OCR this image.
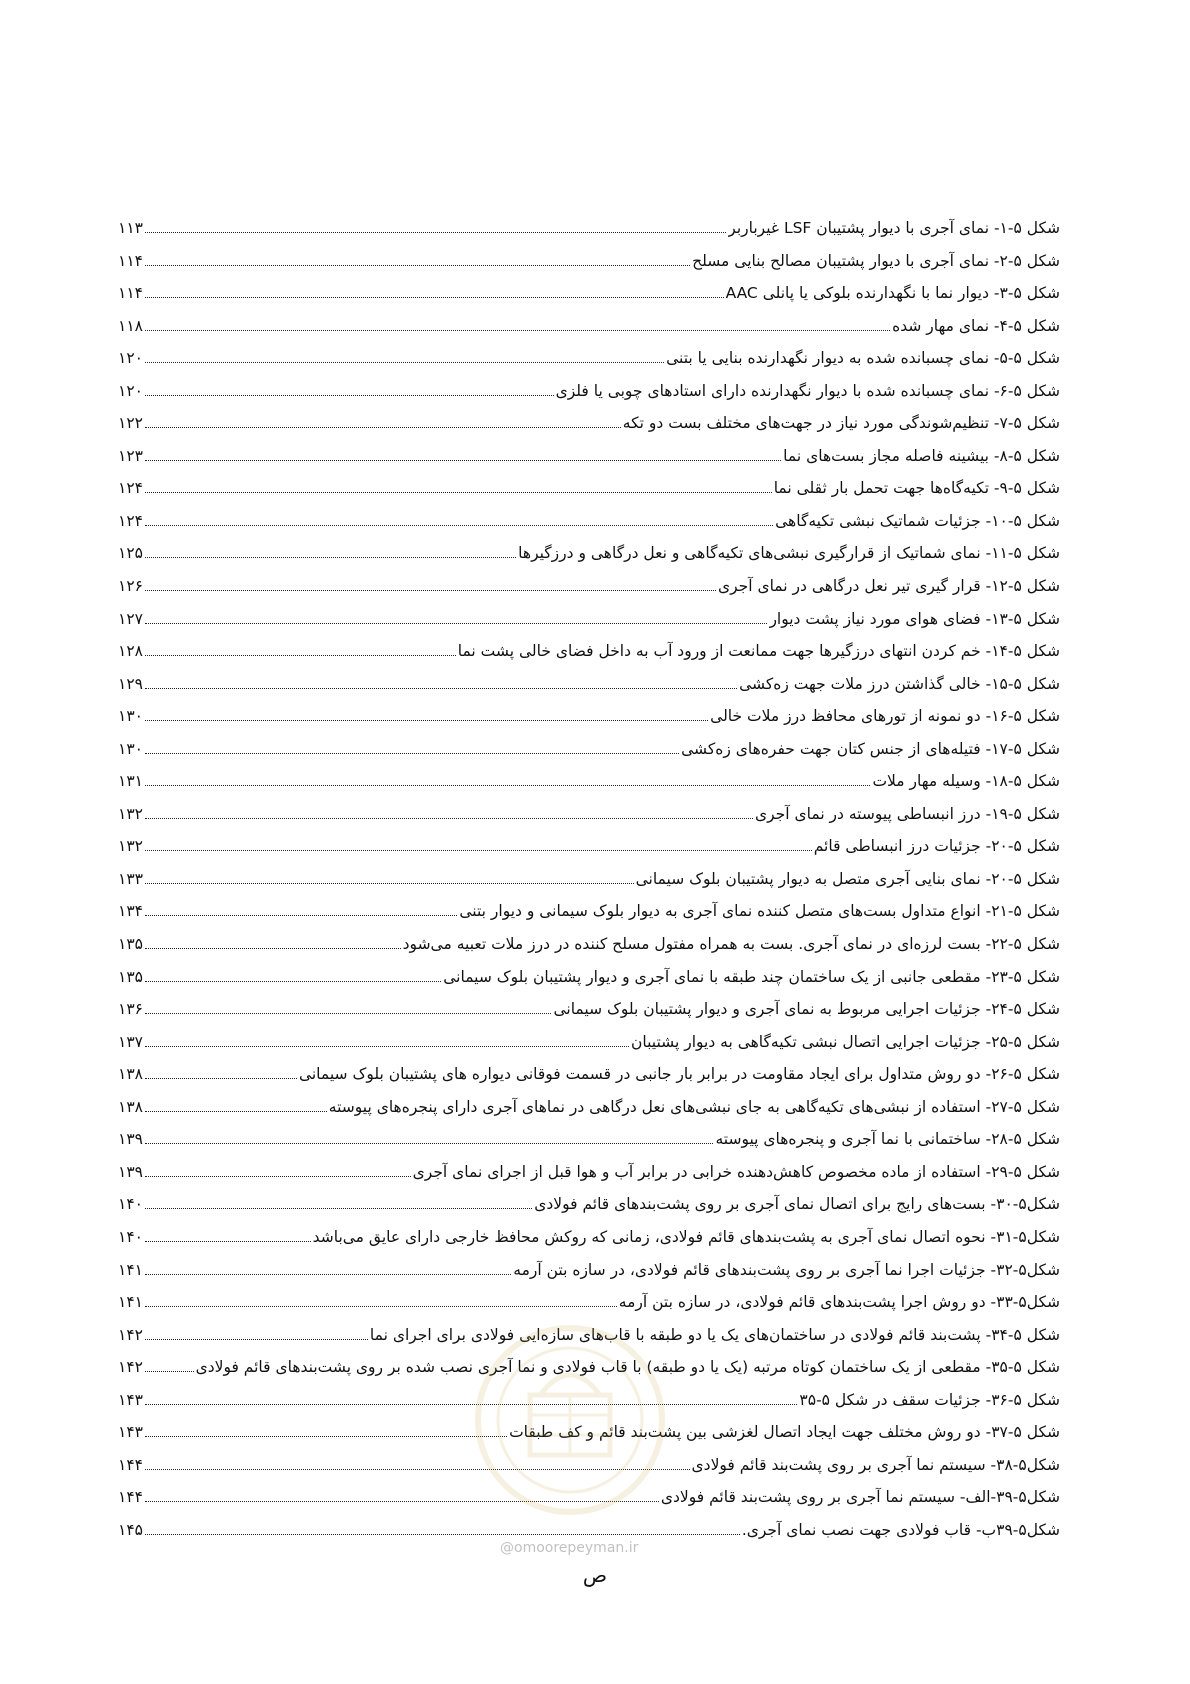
شکل ۵-۱- نمای آجری با دیوار پشتیبان LSF غیرباربر
۱۱۳
شکل ۵-۲- نمای آجری با دیوار پشتیبان مصالح بنایی مسلح
۱۱۴
شکل ۵-۳- دیوار نما با نگهدارنده بلوکی یا پانلی AAC
۱۱۴
شکل ۵-۴- نمای مهار شده
۱۱۸
شکل ۵-۵- نمای چسبانده شده به دیوار نگهدارنده بنایی یا بتنی
۱۲۰
شکل ۵-۶- نمای چسبانده شده با دیوار نگهدارنده دارای استادهای چوبی یا فلزی
۱۲۰
شکل ۵-۷- تنظیم‌شوندگی مورد نیاز در جهت‌های مختلف بست دو تکه
۱۲۲
شکل ۵-۸- بیشینه فاصله مجاز بست‌های نما
۱۲۳
شکل ۵-۹- تکیه‌گاه‌ها جهت تحمل بار ثقلی نما
۱۲۴
شکل ۵-۱۰- جزئیات شماتیک نبشی تکیه‌گاهی
۱۲۴
شکل ۵-۱۱- نمای شماتیک از قرارگیری نبشی‌های تکیه‌گاهی و نعل درگاهی و درزگیرها
۱۲۵
شکل ۵-۱۲- قرار گیری تیر نعل درگاهی در نمای آجری
۱۲۶
شکل ۵-۱۳- فضای هوای مورد نیاز پشت دیوار
۱۲۷
شکل ۵-۱۴- خم کردن انتهای درزگیرها جهت ممانعت از ورود آب به داخل فضای خالی پشت نما
۱۲۸
شکل ۵-۱۵- خالی گذاشتن درز ملات جهت زه‌کشی
۱۲۹
شکل ۵-۱۶- دو نمونه از تورهای محافظ درز ملات خالی
۱۳۰
شکل ۵-۱۷- فتیله‌های از جنس کتان جهت حفره‌های زه‌کشی
۱۳۰
شکل ۵-۱۸- وسیله مهار ملات
۱۳۱
شکل ۵-۱۹- درز انبساطی پیوسته در نمای آجری
۱۳۲
شکل ۵-۲۰- جزئیات درز انبساطی قائم
۱۳۲
شکل ۵-۲۰- نمای بنایی آجری متصل به دیوار پشتیبان بلوک سیمانی
۱۳۳
شکل ۵-۲۱- انواع متداول بست‌های متصل کننده نمای آجری به دیوار بلوک سیمانی و دیوار بتنی
۱۳۴
شکل ۵-۲۲- بست لرزه‌ای در نمای آجری. بست به همراه مفتول مسلح کننده در درز ملات تعبیه می‌شود
۱۳۵
شکل ۵-۲۳- مقطعی جانبی از یک ساختمان چند طبقه با نمای آجری و دیوار پشتیبان بلوک سیمانی
۱۳۵
شکل ۵-۲۴- جزئیات اجرایی مربوط به نمای آجری و دیوار پشتیبان بلوک سیمانی
۱۳۶
شکل ۵-۲۵- جزئیات اجرایی اتصال نبشی تکیه‌گاهی به دیوار پشتیبان
۱۳۷
شکل ۵-۲۶- دو روش متداول برای ایجاد مقاومت در برابر بار جانبی در قسمت فوقانی دیواره های پشتیبان بلوک سیمانی
۱۳۸
شکل ۵-۲۷- استفاده از نبشی‌های تکیه‌گاهی به جای نبشی‌های نعل درگاهی در نماهای آجری دارای پنجره‌های پیوسته
۱۳۸
شکل ۵-۲۸- ساختمانی با نما آجری و پنجره‌های پیوسته
۱۳۹
شکل ۵-۲۹- استفاده از ماده مخصوص کاهش‌دهنده خرابی در برابر آب و هوا قبل از اجرای نمای آجری
۱۳۹
شکل۵-۳۰- بست‌های رایج برای اتصال نمای آجری بر روی پشت‌بندهای قائم فولادی
۱۴۰
شکل۵-۳۱- نحوه اتصال نمای آجری به پشت‌بندهای قائم فولادی، زمانی که روکش محافظ خارجی دارای عایق می‌باشد
۱۴۰
شکل۵-۳۲- جزئیات اجرا نما آجری بر روی پشت‌بندهای قائم فولادی، در سازه بتن آرمه
۱۴۱
شکل۵-۳۳- دو روش اجرا پشت‌بندهای قائم فولادی، در سازه بتن آرمه
۱۴۱
شکل ۵-۳۴- پشت‌بند قائم فولادی در ساختمان‌های یک یا دو طبقه با قاب‌های سازه‌ایی فولادی برای اجرای نما
۱۴۲
شکل ۵-۳۵- مقطعی از یک ساختمان کوتاه مرتبه (یک یا دو طبقه) با قاب فولادی و نما آجری نصب شده بر روی پشت‌بندهای قائم فولادی
۱۴۲
شکل ۵-۳۶- جزئیات سقف در شکل ۵-۳۵
۱۴۳
شکل ۵-۳۷- دو روش مختلف جهت ایجاد اتصال لغزشی بین پشت‌بند قائم و کف طبقات
۱۴۳
شکل۵-۳۸- سیستم نما آجری بر روی پشت‌بند قائم فولادی
۱۴۴
شکل۵-۳۹-الف- سیستم نما آجری بر روی پشت‌بند قائم فولادی
۱۴۴
شکل۵-۳۹ب- قاب فولادی جهت نصب نمای آجری.
۱۴۵
@omoorepeyman.ir
ص
